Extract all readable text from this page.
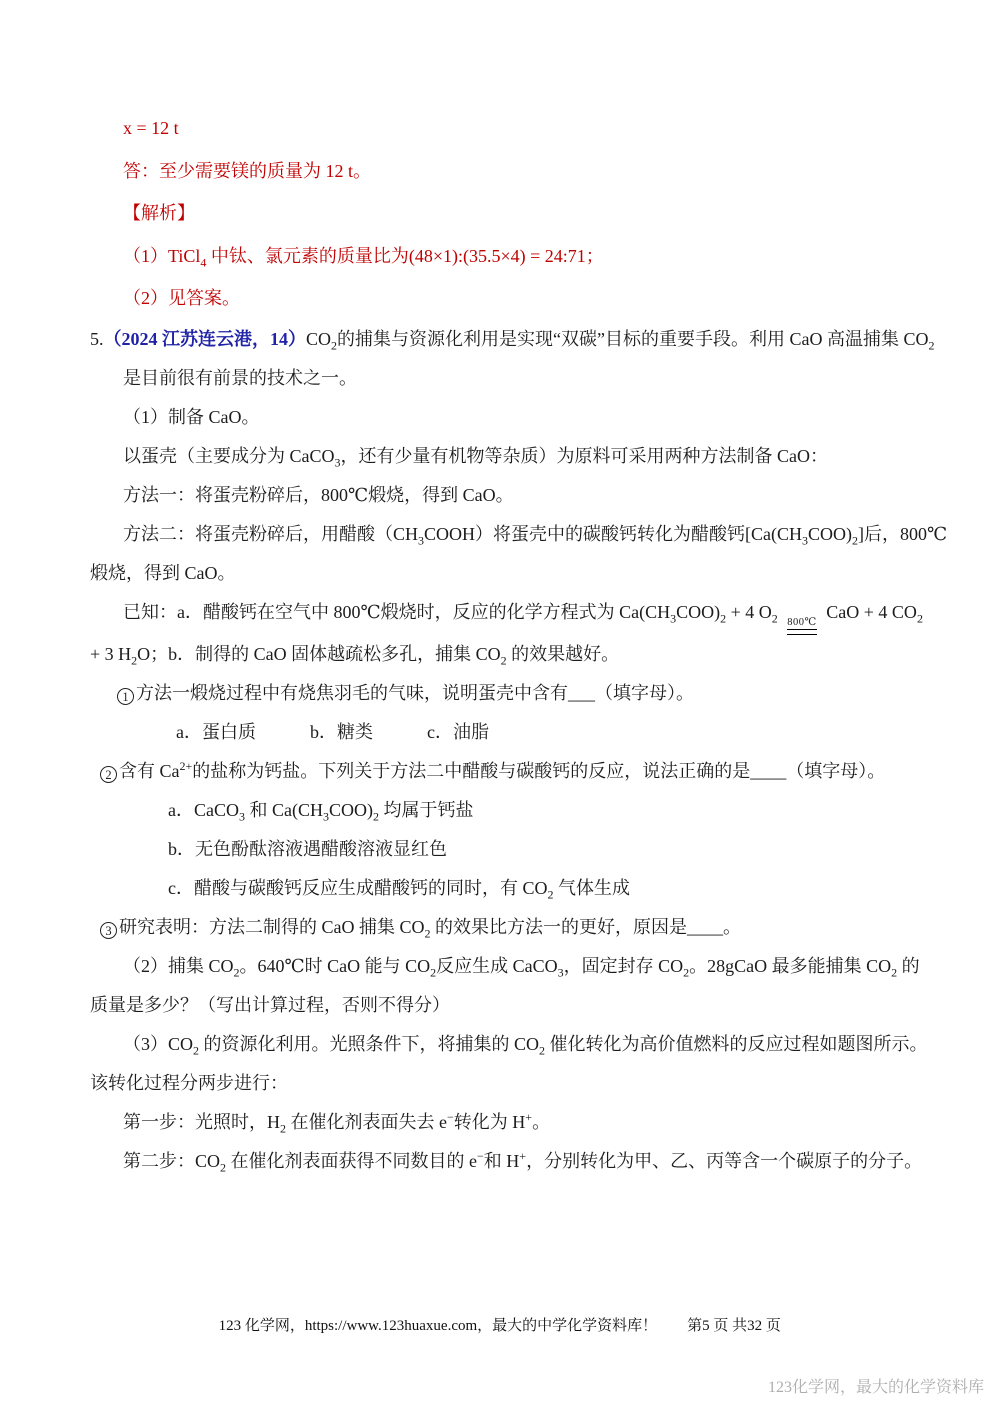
x = 12 t

答：至少需要镁的质量为 12 t。

【解析】

（1）TiCl$_4$ 中钛、氯元素的质量比为(48×1):(35.5×4) = 24:71；

（2）见答案。

5.（2024 江苏连云港，$14)CO_2$的捕集与资源化利用是实现“双碳”目标的重要手段。利用 CaO 高温捕集 $CO_2$

是目前很有前景的技术之一。

（1）制备 CaO。

以蛋壳（主要成分为 CaCO$_3$，还有少量有机物等杂质）为原料可采用两种方法制备 CaO：

方法一：将蛋壳粉碎后，800℃煅烧，得到 CaO。

方法二：将蛋壳粉碎后，用醋酸$(CH_3COOH)$将蛋壳中的碳酸钙转化为醋酸钙$[Ca(CH_3COO)_2]$后，800℃

煅烧，得到 CaO。

已知：a．醋酸钙在空气中 800℃煅烧时，反应的化学方程式为 $Ca(CH_3COO)_2 + 4$ $O_2$ 800℃
CaO + 4 $CO_2$

+ 3 $H_2O$；b．制得的 CaO 固体越疏松多孔，捕集 $CO_2$ 的效果越好。

1 方法一煅烧过程中有烧焦羽毛的气味，说明蛋壳中含有___（填字母）。

a．蛋白质　　　b．糖类　　　c．油脂

2 含有 $Ca^{2+}$的盐称为钙盐。下列关于方法二中醋酸与碳酸钙的反应，说法正确的是____（填字母）。

a．CaCO$_3$ 和 $Ca(CH_3COO)_2$ 均属于钙盐

b．无色酚酞溶液遇醋酸溶液显红色

c．醋酸与碳酸钙反应生成醋酸钙的同时，有 $CO_2$ 气体生成

3 研究表明：方法二制得的 CaO 捕集 $CO_2$ 的效果比方法一的更好，原因是____。

（2）捕集 $CO_2$。640℃时 CaO 能与 $CO_2$反应生成 CaCO$_3$，固定封存 $CO_2$。28gCaO 最多能捕集 $CO_2$ 的

质量是多少？（写出计算过程，否则不得分）

$(3)CO_2$ 的资源化利用。光照条件下，将捕集的 $CO_2$ 催化转化为高价值燃料的反应过程如题图所示。

该转化过程分两步进行：

第一步：光照时，$H_2$ 在催化剂表面失去 e−转化为 H+。

第二步：$CO_2$ 在催化剂表面获得不同数目的 e−和 H+，分别转化为甲、乙、丙等含一个碳原子的分子。

123 化学网，https://www.123huaxue.com，最大的中学化学资料库！ 第5 页 共32 页

123化学网，最大的化学资料库
